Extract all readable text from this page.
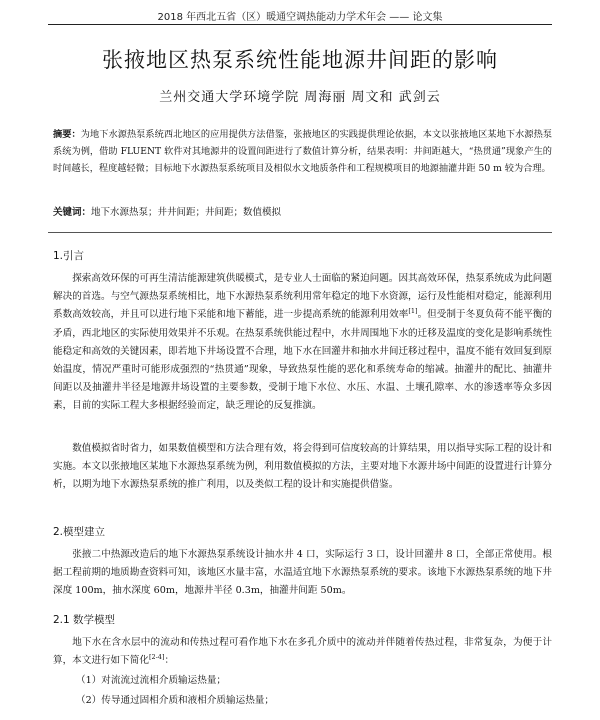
2018 年西北五省（区）暖通空调热能动力学术年会 —— 论文集
张掖地区热泵系统性能地源井间距的影响
兰州交通大学环境学院 周海丽 周文和 武剑云
摘要：为地下水源热泵系统西北地区的应用提供方法借鉴，张掖地区的实践提供理论依据，本文以张掖地区某地下水源热泵系统为例，借助 FLUENT 软件对其地源井的设置间距进行了数值计算分析，结果表明：井间距越大，“热贯通”现象产生的时间越长，程度越轻微；目标地下水源热泵系统项目及相似水文地质条件和工程规模项目的地源抽灌井距 50 m 较为合理。
关键词：地下水源热泵；井井间距；井间距；数值模拟
1.引言
探索高效环保的可再生清洁能源建筑供暖模式，是专业人士面临的紧迫问题。因其高效环保，热泵系统成为此问题解决的首选。与空气源热泵系统相比，地下水源热泵系统利用常年稳定的地下水资源，运行及性能相对稳定，能源利用系数高效较高，并且可以进行地下采能和地下蓄能，进一步提高系统的能源利用效率[1]。但受制于冬夏负荷不能平衡的矛盾，西北地区的实际使用效果并不乐观。在热泵系统供能过程中，水井周围地下水的迁移及温度的变化是影响系统性能稳定和高效的关键因素，即若地下井场设置不合理，地下水在回灌井和抽水井间迁移过程中，温度不能有效回复到原始温度，情况严重时可能形成强烈的“热贯通”现象，导致热泵性能的恶化和系统寿命的缩减。抽灌井的配比、抽灌井间距以及抽灌井半径是地源井场设置的主要参数，受制于地下水位、水压、水温、土壤孔隙率、水的渗透率等众多因素，目前的实际工程大多根据经验而定，缺乏理论的反复推演。
数值模拟省时省力，如果数值模型和方法合理有效，将会得到可信度较高的计算结果，用以指导实际工程的设计和实施。本文以张掖地区某地下水源热泵系统为例，利用数值模拟的方法，主要对地下水源井场中间距的设置进行计算分析，以期为地下水源热泵系统的推广利用，以及类似工程的设计和实施提供借鉴。
2.模型建立
张掖二中热源改造后的地下水源热泵系统设计抽水井 4 口，实际运行 3 口，设计回灌井 8 口，全部正常使用。根据工程前期的地质勘查资料可知，该地区水量丰富，水温适宜地下水源热泵系统的要求。该地下水源热泵系统的地下井深度 100m，抽水深度 60m，地源井半径 0.3m，抽灌井间距 50m。
2.1 数学模型
地下水在含水层中的流动和传热过程可看作地下水在多孔介质中的流动并伴随着传热过程，非常复杂，为便于计算，本文进行如下简化[2-4]：
（1）对流流过流相介质输运热量；
（2）传导通过固相介质和液相介质输运热量；
